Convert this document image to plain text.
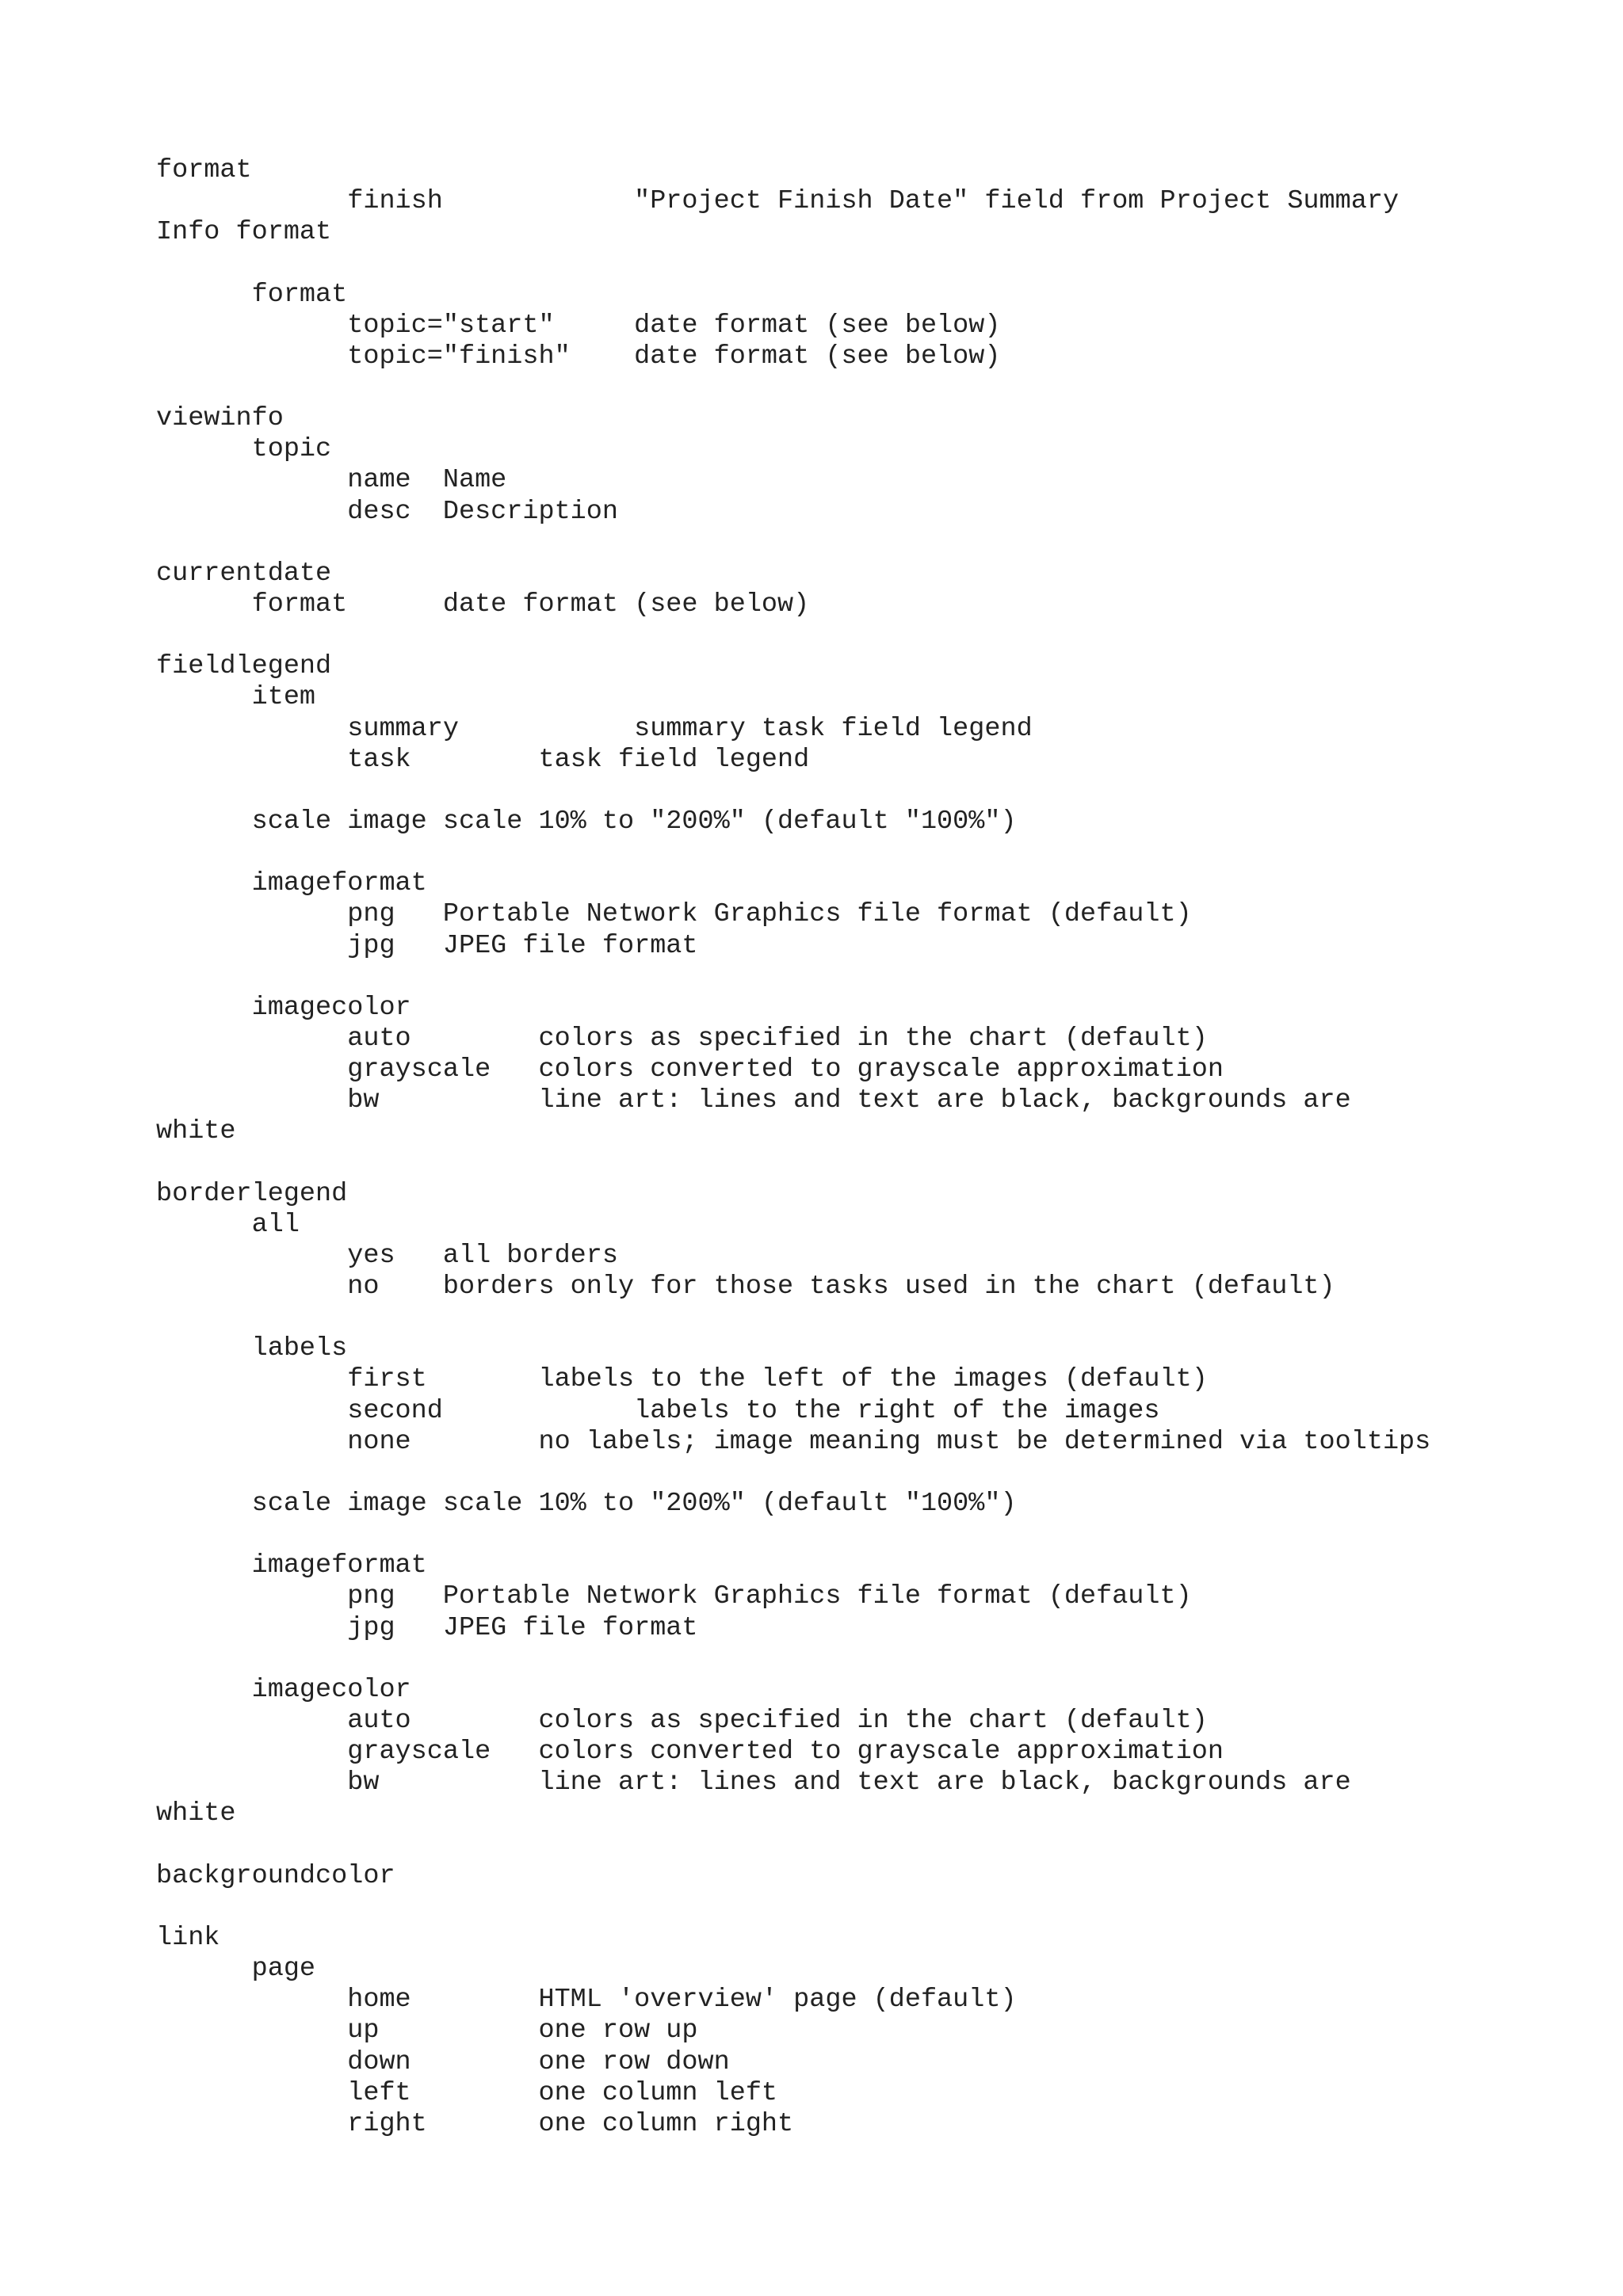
format
finish            "Project Finish Date" field from Project Summary
Info format
format
topic="start"     date format (see below)
topic="finish"    date format (see below)
viewinfo
topic
name  Name
desc  Description
currentdate
format      date format (see below)
fieldlegend
item
summary           summary task field legend
task        task field legend
scale image scale 10% to "200%" (default "100%")
imageformat
png   Portable Network Graphics file format (default)
jpg   JPEG file format
imagecolor
auto        colors as specified in the chart (default)
grayscale   colors converted to grayscale approximation
bw          line art: lines and text are black, backgrounds are
white
borderlegend
all
yes   all borders
no    borders only for those tasks used in the chart (default)
labels
first       labels to the left of the images (default)
second            labels to the right of the images
none        no labels; image meaning must be determined via tooltips
scale image scale 10% to "200%" (default "100%")
imageformat
png   Portable Network Graphics file format (default)
jpg   JPEG file format
imagecolor
auto        colors as specified in the chart (default)
grayscale   colors converted to grayscale approximation
bw          line art: lines and text are black, backgrounds are
white
backgroundcolor
link
page
home        HTML 'overview' page (default)
up          one row up
down        one row down
left        one column left
right       one column right
